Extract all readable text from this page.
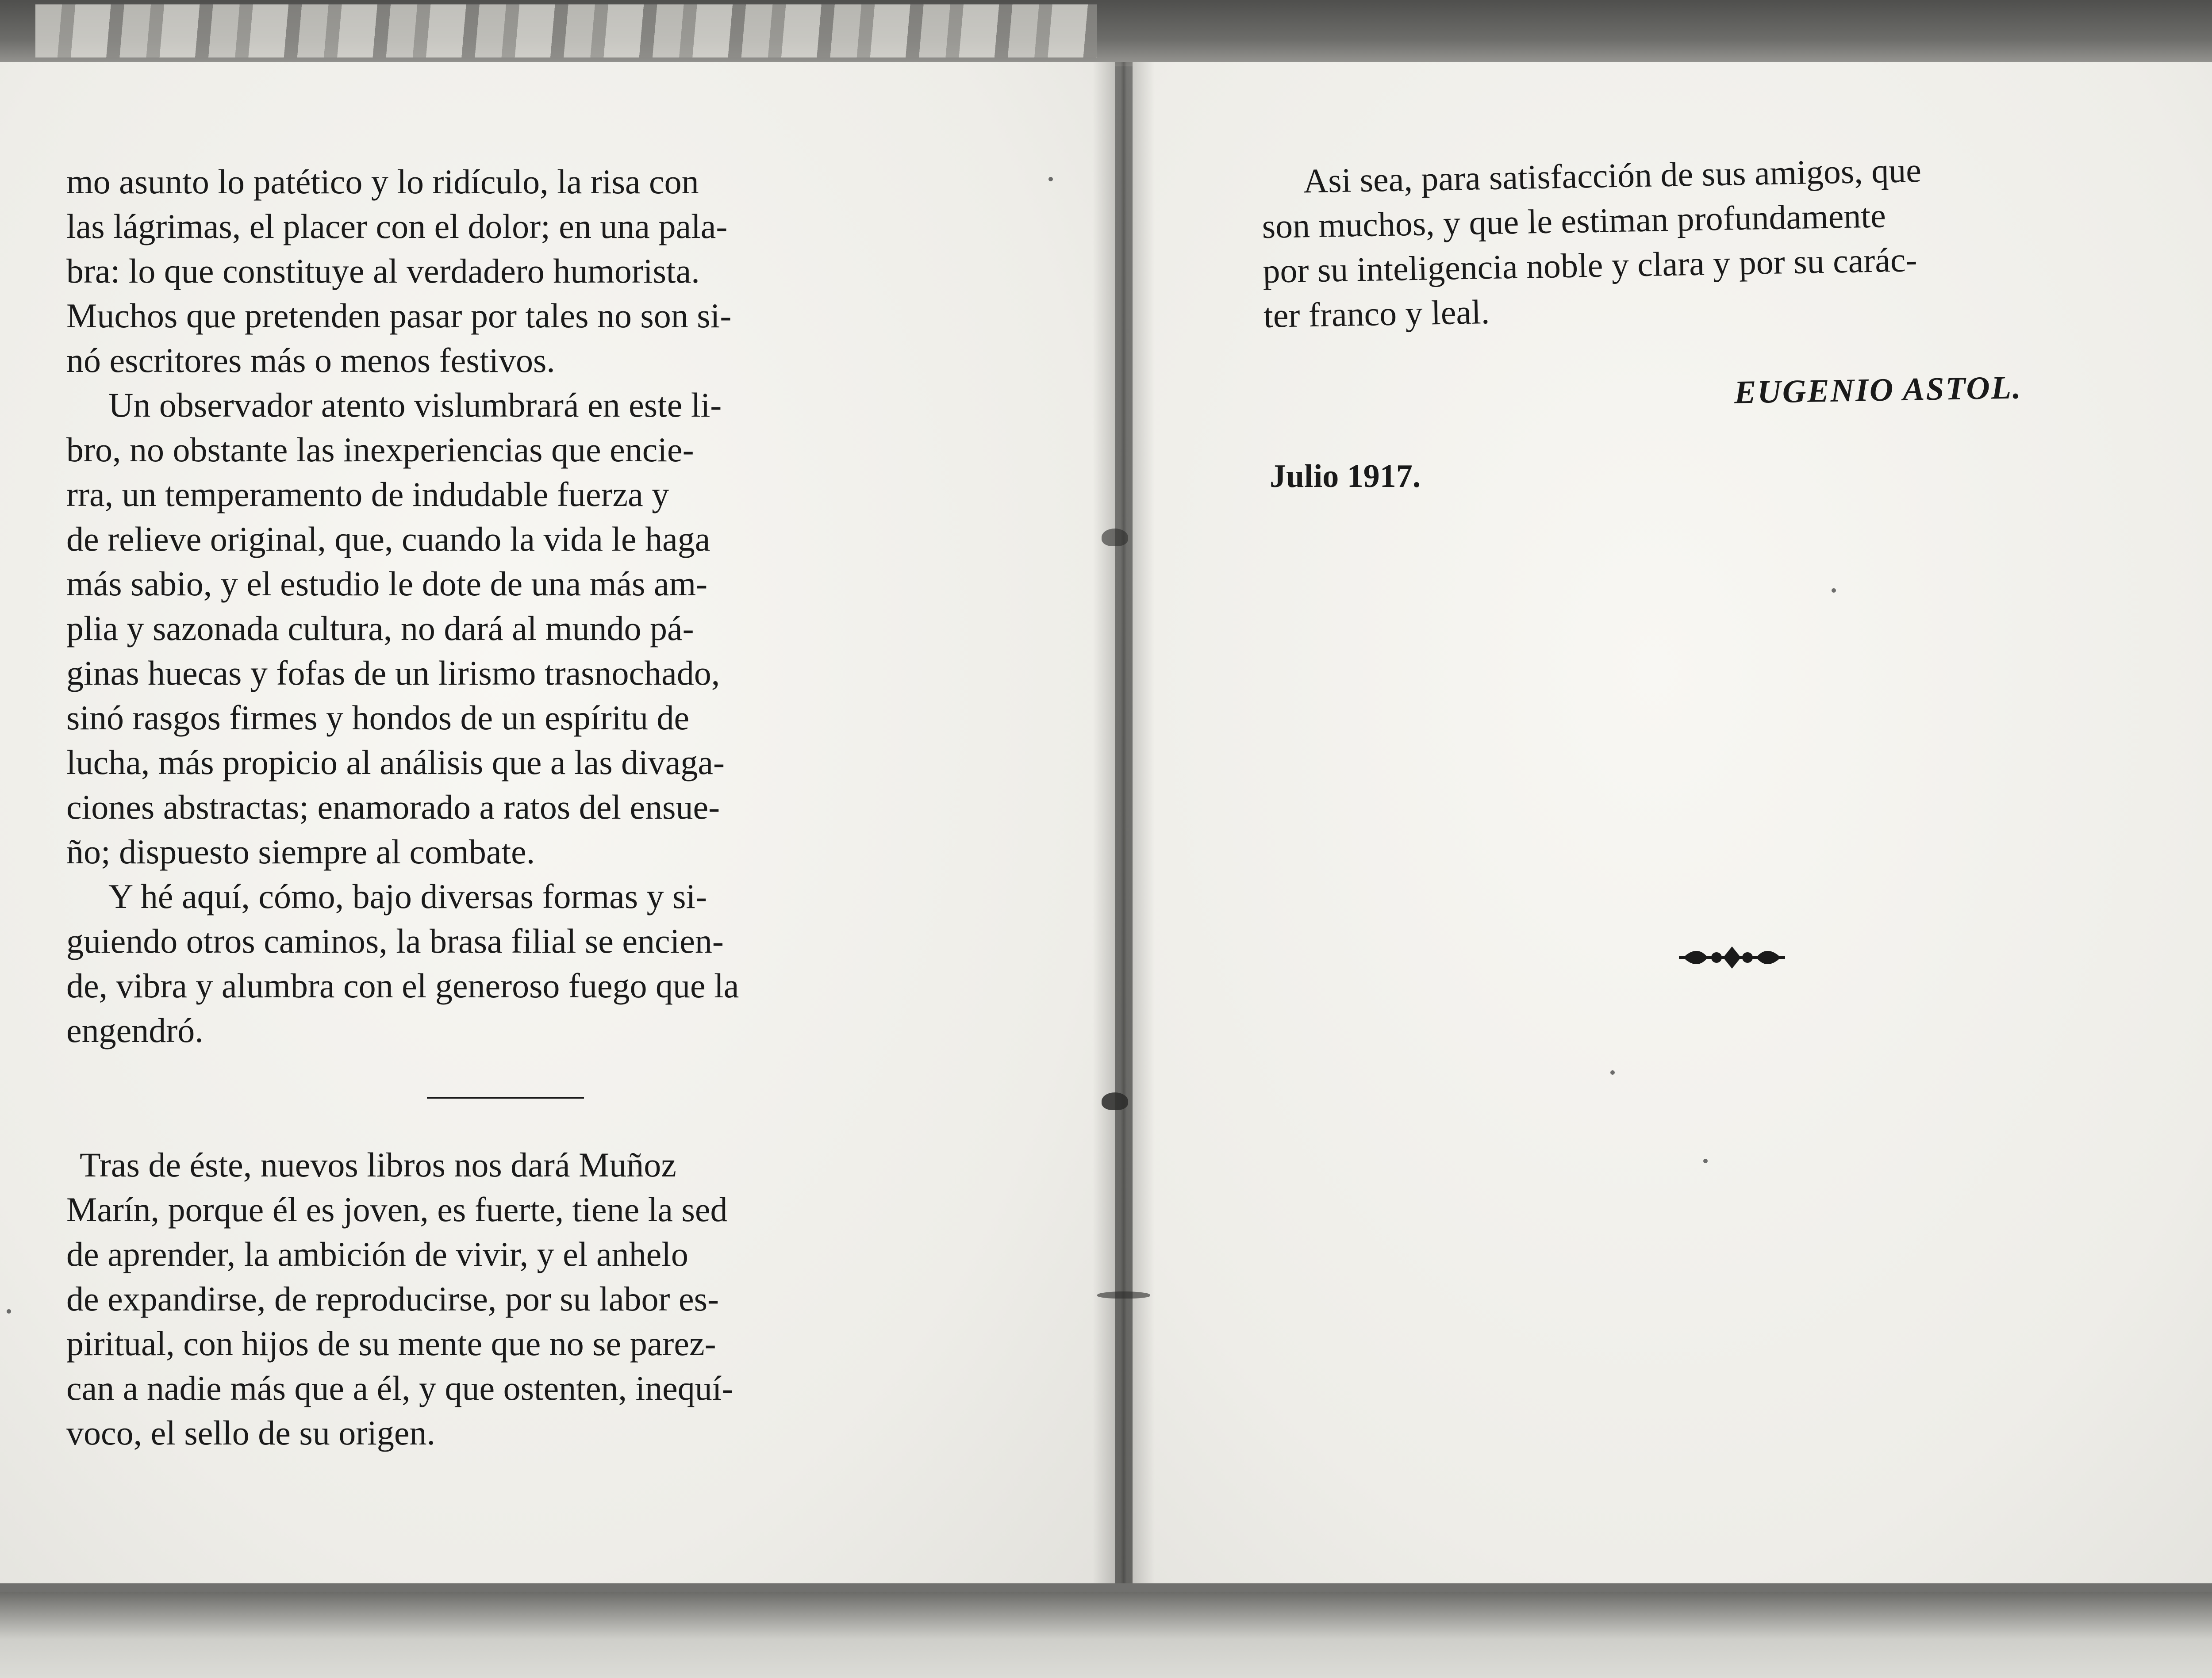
mo asunto lo patético y lo ridículo, la risa con
las lágrimas, el placer con el dolor; en una pala-
bra: lo que constituye al verdadero humorista.
Muchos que pretenden pasar por tales no son si-
nó escritores más o menos festivos.

Un observador atento vislumbrará en este li-
bro, no obstante las inexperiencias que encie-
rra, un temperamento de indudable fuerza y
de relieve original, que, cuando la vida le haga
más sabio, y el estudio le dote de una más am-
plia y sazonada cultura, no dará al mundo pá-
ginas huecas y fofas de un lirismo trasnochado,
sinó rasgos firmes y hondos de un espíritu de
lucha, más propicio al análisis que a las divaga-
ciones abstractas; enamorado a ratos del ensue-
ño; dispuesto siempre al combate.

Y hé aquí, cómo, bajo diversas formas y si-
guiendo otros caminos, la brasa filial se encien-
de, vibra y alumbra con el generoso fuego que la
engendró.

Tras de éste, nuevos libros nos dará Muñoz
Marín, porque él es joven, es fuerte, tiene la sed
de aprender, la ambición de vivir, y el anhelo
de expandirse, de reproducirse, por su labor es-
piritual, con hijos de su mente que no se parez-
can a nadie más que a él, y que ostenten, inequí-
voco, el sello de su origen.

Asi sea, para satisfacción de sus amigos, que
son muchos, y que le estiman profundamente
por su inteligencia noble y clara y por su carác-
ter franco y leal.

EUGENIO ASTOL.
Julio 1917.
